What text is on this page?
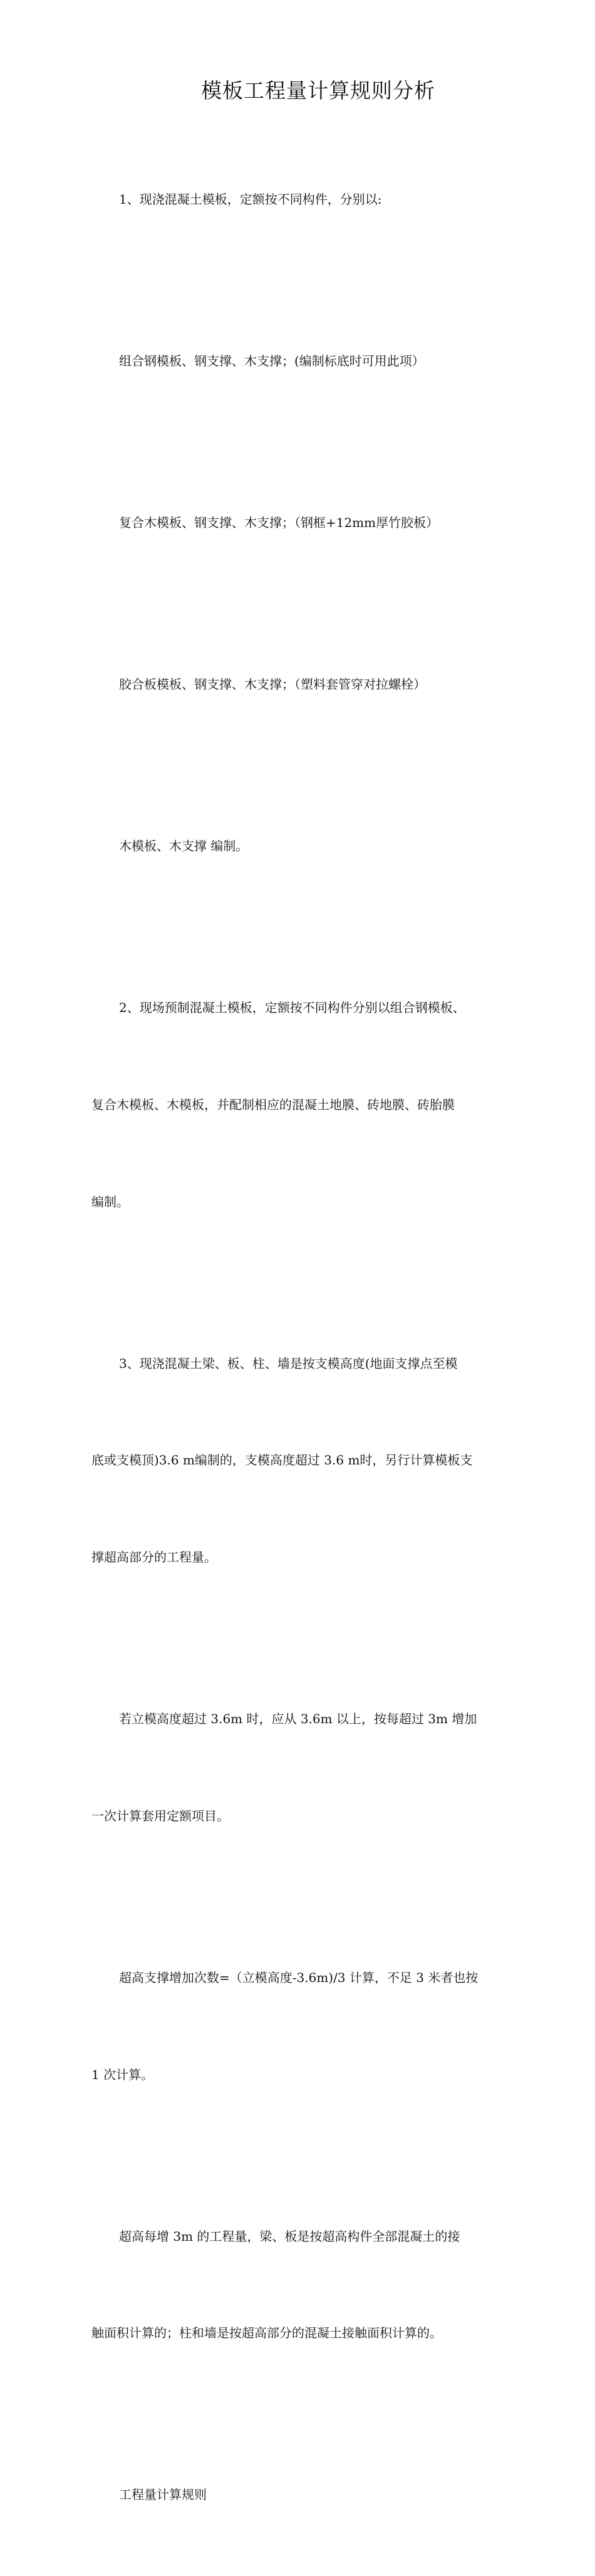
模板工程量计算规则分析

1、现浇混凝土模板，定额按不同构件，分别以:

组合钢模板、钢支撑、木支撑；(编制标底时可用此项）

复合木模板、钢支撑、木支撑；（钢框+12mm厚竹胶板）

胶合板模板、钢支撑、木支撑；（塑料套管穿对拉螺栓）

木模板、木支撑 编制。

2、现场预制混凝土模板，定额按不同构件分别以组合钢模板、

复合木模板、木模板，并配制相应的混凝土地膜、砖地膜、砖胎膜

编制。

3、现浇混凝土梁、板、柱、墙是按支模高度(地面支撑点至模

底或支模顶)3.6 m编制的，支模高度超过 3.6 m时，另行计算模板支

撑超高部分的工程量。

若立模高度超过 3.6m 时，应从 3.6m 以上，按每超过 3m 增加

一次计算套用定额项目。

超高支撑增加次数=（立模高度-3.6m)/3 计算，不足 3 米者也按

1 次计算。

超高每增 3m 的工程量，梁、板是按超高构件全部混凝土的接

触面积计算的；柱和墙是按超高部分的混凝土接触面积计算的。

工程量计算规则
